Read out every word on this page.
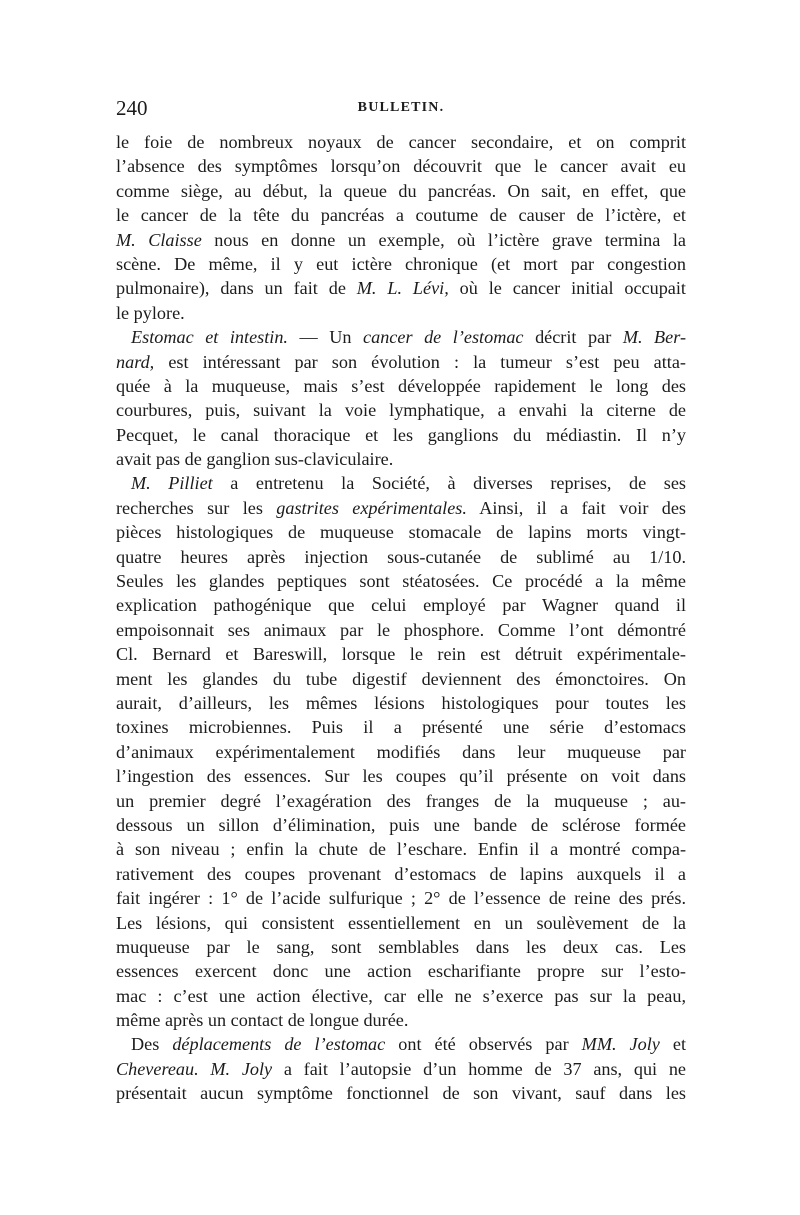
240	BULLETIN.
le foie de nombreux noyaux de cancer secondaire, et on comprit
l’absence des symptômes lorsqu’on découvrit que le cancer avait eu
comme siège, au début, la queue du pancréas. On sait, en effet, que
le cancer de la tête du pancréas a coutume de causer de l’ictère, et
M. Claisse nous en donne un exemple, où l’ictère grave termina la
scène. De même, il y eut ictère chronique (et mort par congestion
pulmonaire), dans un fait de M. L. Lévi, où le cancer initial occupait
le pylore.
Estomac et intestin. — Un cancer de l’estomac décrit par M. Ber-
nard, est intéressant par son évolution : la tumeur s’est peu atta-
quée à la muqueuse, mais s’est développée rapidement le long des
courbures, puis, suivant la voie lymphatique, a envahi la citerne de
Pecquet, le canal thoracique et les ganglions du médiastin. Il n’y
avait pas de ganglion sus-claviculaire.
M. Pilliet a entretenu la Société, à diverses reprises, de ses
recherches sur les gastrites expérimentales. Ainsi, il a fait voir des
pièces histologiques de muqueuse stomacale de lapins morts vingt-
quatre heures après injection sous-cutanée de sublimé au 1/10.
Seules les glandes peptiques sont stéatosées. Ce procédé a la même
explication pathogénique que celui employé par Wagner quand il
empoisonnait ses animaux par le phosphore. Comme l’ont démontré
Cl. Bernard et Bareswill, lorsque le rein est détruit expérimentale-
ment les glandes du tube digestif deviennent des émonctoires. On
aurait, d’ailleurs, les mêmes lésions histologiques pour toutes les
toxines microbiennes. Puis il a présenté une série d’estomacs
d’animaux expérimentalement modifiés dans leur muqueuse par
l’ingestion des essences. Sur les coupes qu’il présente on voit dans
un premier degré l’exagération des franges de la muqueuse ; au-
dessous un sillon d’élimination, puis une bande de sclérose formée
à son niveau ; enfin la chute de l’eschare. Enfin il a montré compa-
rativement des coupes provenant d’estomacs de lapins auxquels il a
fait ingérer : 1° de l’acide sulfurique ; 2° de l’essence de reine des prés.
Les lésions, qui consistent essentiellement en un soulèvement de la
muqueuse par le sang, sont semblables dans les deux cas. Les
essences exercent donc une action escharifiante propre sur l’esto-
mac : c’est une action élective, car elle ne s’exerce pas sur la peau,
même après un contact de longue durée.
Des déplacements de l’estomac ont été observés par MM. Joly et
Chevereau. M. Joly a fait l’autopsie d’un homme de 37 ans, qui ne
présentait aucun symptôme fonctionnel de son vivant, sauf dans les
